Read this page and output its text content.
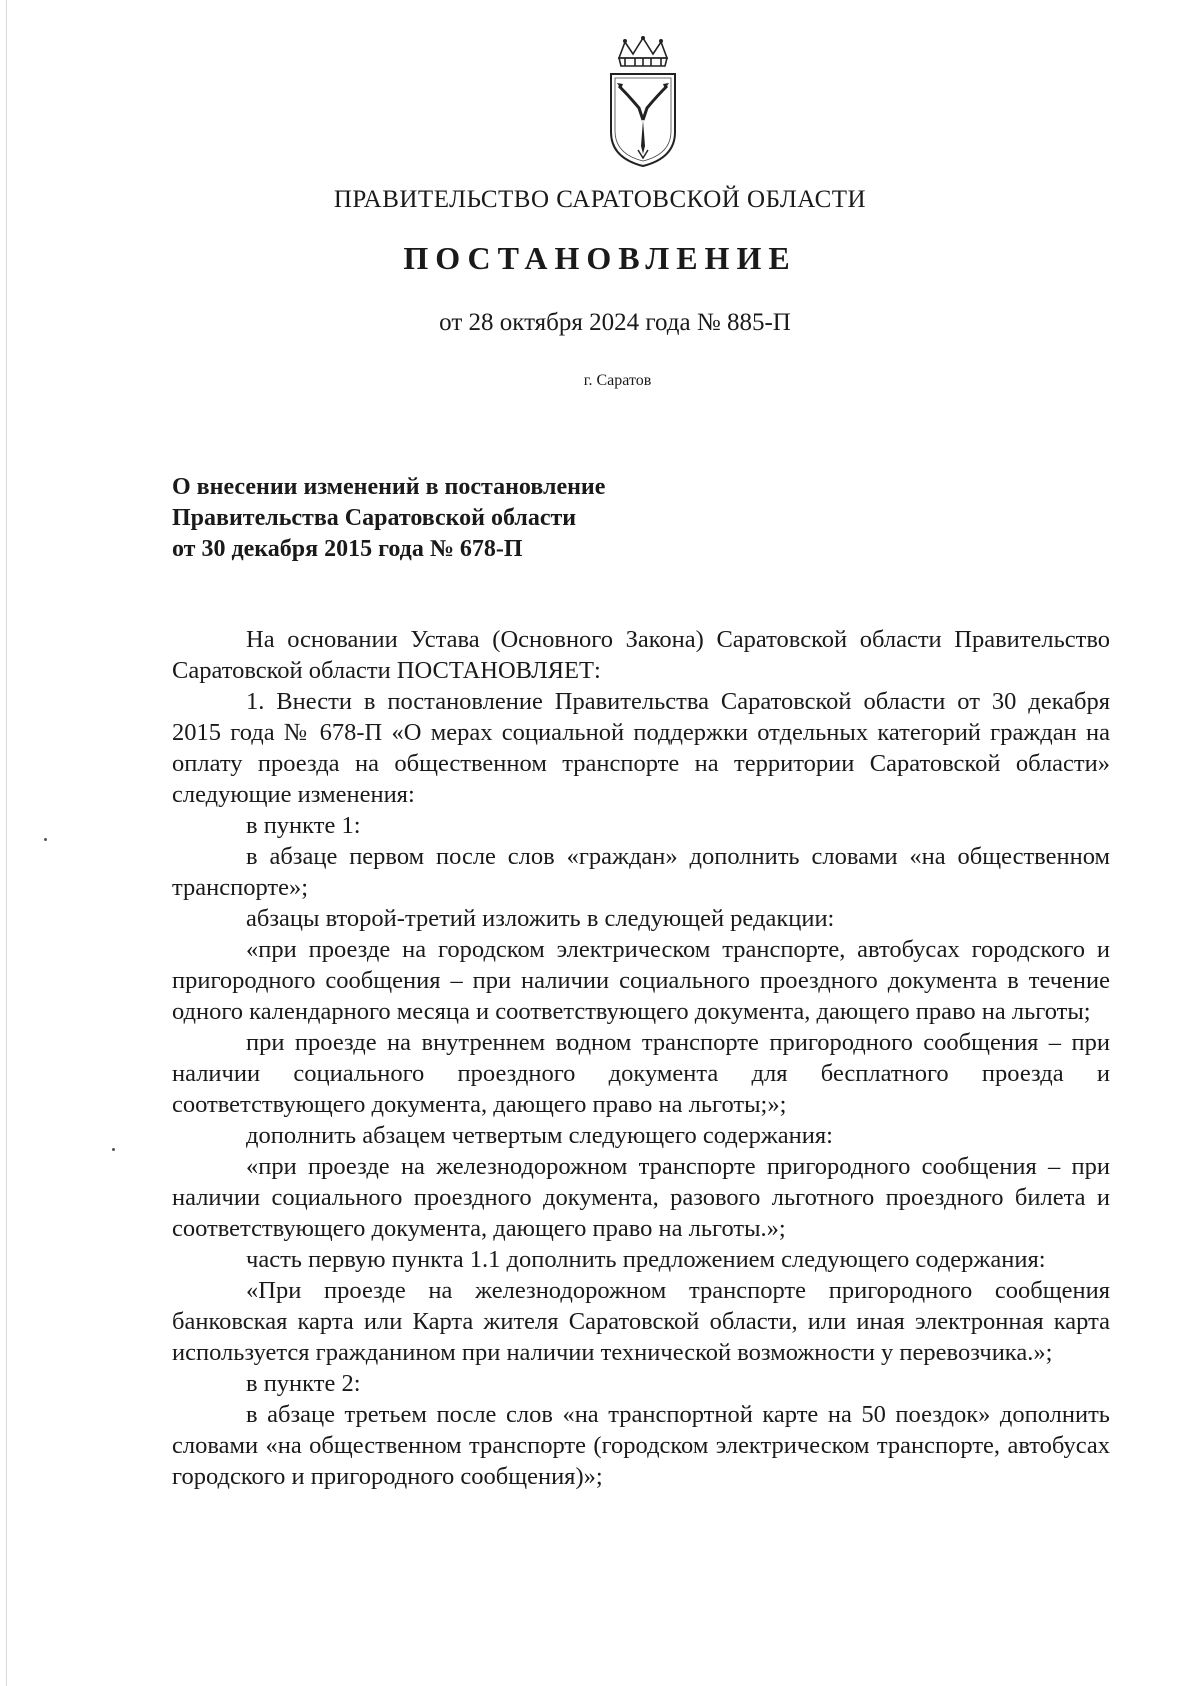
ПРАВИТЕЛЬСТВО САРАТОВСКОЙ ОБЛАСТИ
ПОСТАНОВЛЕНИЕ
от 28 октября 2024 года № 885-П
г. Саратов
О внесении изменений в постановление
Правительства Саратовской области
от 30 декабря 2015 года № 678-П

На основании Устава (Основного Закона) Саратовской области Правительство Саратовской области ПОСТАНОВЛЯЕТ:

1. Внести в постановление Правительства Саратовской области от 30 декабря 2015 года № 678-П «О мерах социальной поддержки отдельных категорий граждан на оплату проезда на общественном транспорте на территории Саратовской области» следующие изменения:

в пункте 1:

в абзаце первом после слов «граждан» дополнить словами «на общественном транспорте»;

абзацы второй-третий изложить в следующей редакции:

«при проезде на городском электрическом транспорте, автобусах городского и пригородного сообщения – при наличии социального проездного документа в течение одного календарного месяца и соответствующего документа, дающего право на льготы;

при проезде на внутреннем водном транспорте пригородного сообщения – при наличии социального проездного документа для бесплатного проезда и соответствующего документа, дающего право на льготы;»;

дополнить абзацем четвертым следующего содержания:

«при проезде на железнодорожном транспорте пригородного сообщения – при наличии социального проездного документа, разового льготного проездного билета и соответствующего документа, дающего право на льготы.»;

часть первую пункта 1.1 дополнить предложением следующего содержания:

«При проезде на железнодорожном транспорте пригородного сообщения банковская карта или Карта жителя Саратовской области, или иная электронная карта используется гражданином при наличии технической возможности у перевозчика.»;

в пункте 2:

в абзаце третьем после слов «на транспортной карте на 50 поездок» дополнить словами «на общественном транспорте (городском электрическом транспорте, автобусах городского и пригородного сообщения)»;
